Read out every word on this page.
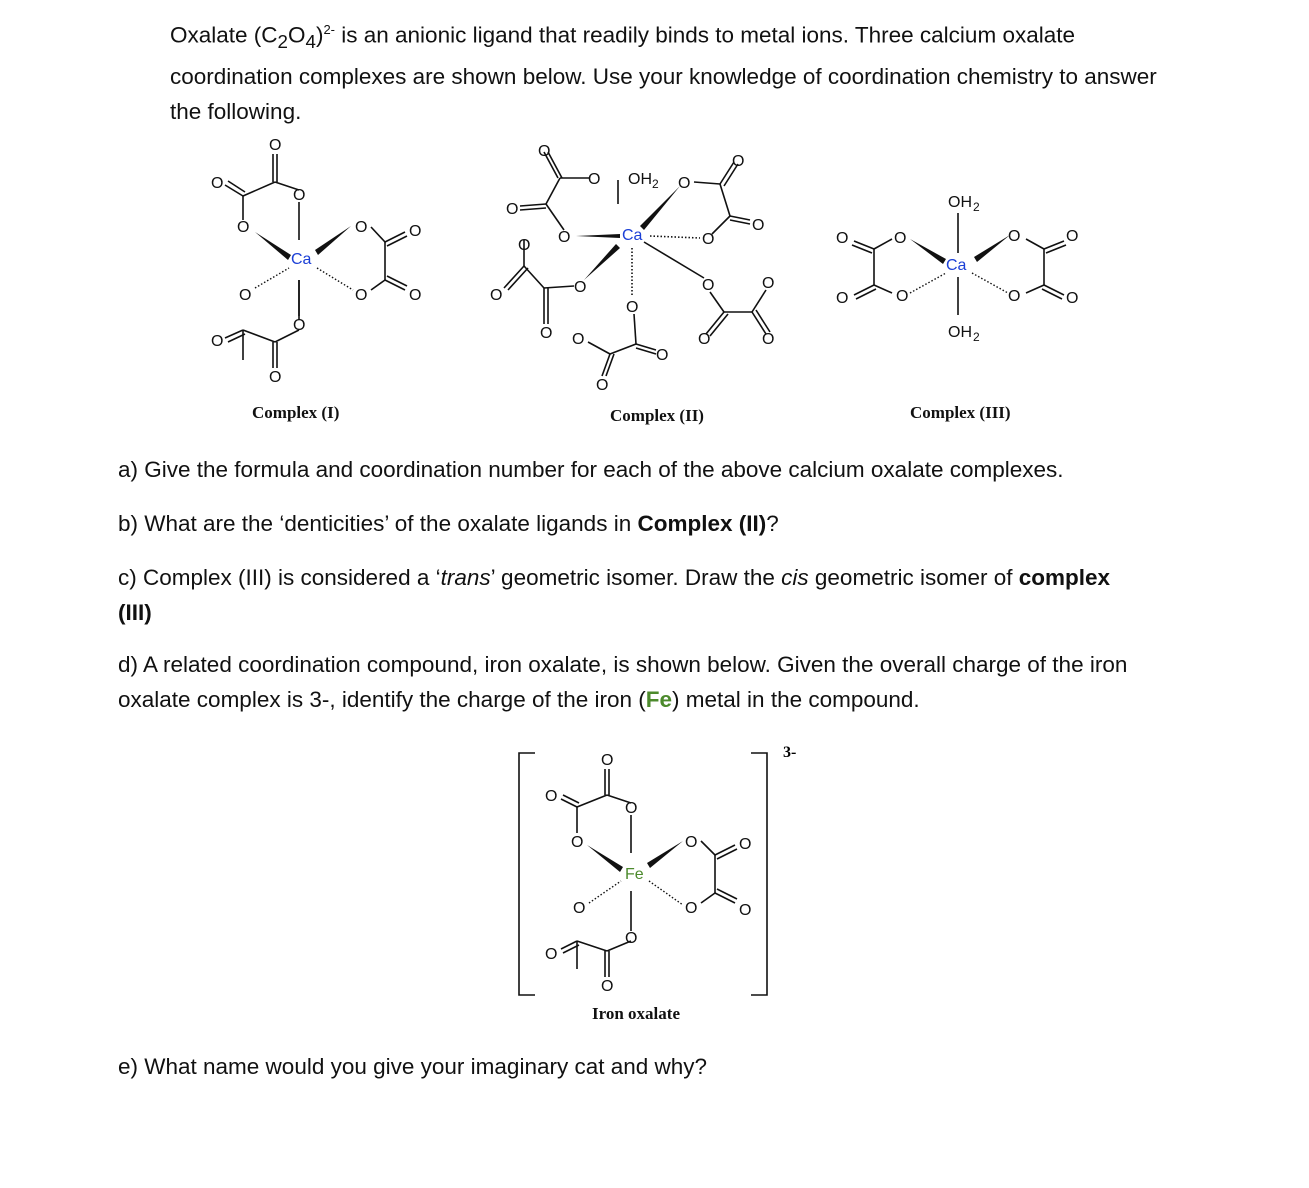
Oxalate $(C_2O_4)^{2-}$ is an anionic ligand that readily binds to metal ions. Three calcium oxalate coordination complexes are shown below. Use your knowledge of coordination chemistry to answer the following.

O
O
O
O	O	O
Ca
O	O	O
O
O
O
Complex (I)
O
O OH 2 O
O
O
O
O	Ca	O
O
O	O	O
O
O
O O	O	O
O
O
Complex (II)
OH 2
O	O	O	O
Ca
O	O	O	O
OH 2
Complex (III)

a) Give the formula and coordination number for each of the above calcium oxalate complexes.

b) What are the ‘denticities’ of the oxalate ligands in Complex (II)?

c) Complex (III) is considered a ‘trans’ geometric isomer. Draw the cis geometric isomer of complex
(III)

d) A related coordination compound, iron oxalate, is shown below. Given the overall charge of the iron oxalate complex is 3-, identify the charge of the iron (Fe) metal in the compound.

3-
O
O
O
O	O	O
Fe
O	O	O
O
O
O
Iron oxalate

e) What name would you give your imaginary cat and why?
